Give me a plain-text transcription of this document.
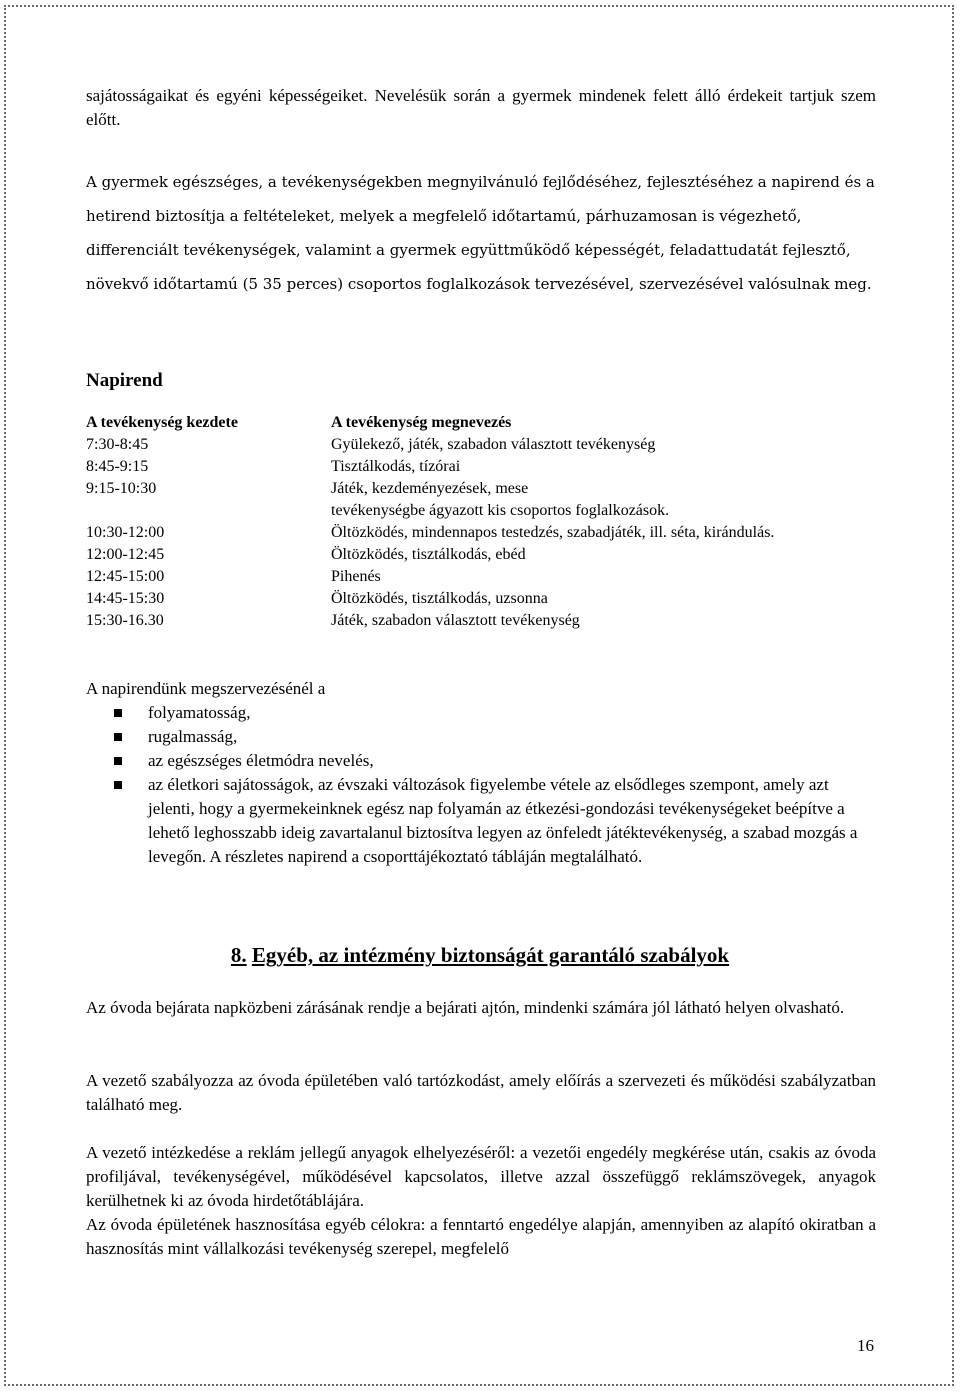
sajátosságaikat és egyéni képességeiket. Nevelésük során a gyermek mindenek felett álló érdekeit tartjuk szem előtt.

A gyermek egészséges, a tevékenységekben megnyilvánuló fejlődéséhez, fejlesztéséhez a napirend és a hetirend biztosítja a feltételeket, melyek a megfelelő időtartamú, párhuzamosan is végezhető, differenciált tevékenységek, valamint a gyermek együttműködő képességét, feladattudatát fejlesztő, növekvő időtartamú (5 35 perces) csoportos foglalkozások tervezésével, szervezésével valósulnak meg.

Napirend
A tevékenység kezdete	A tevékenység megnevezés
7:30-8:45	Gyülekező, játék, szabadon választott tevékenység
8:45-9:15	Tisztálkodás, tízórai
9:15-10:30	Játék, kezdeményezések, mese
tevékenységbe ágyazott kis csoportos foglalkozások.
10:30-12:00	Öltözködés, mindennapos testedzés, szabadjáték, ill. séta, kirándulás.
12:00-12:45	Öltözködés, tisztálkodás, ebéd
12:45-15:00	Pihenés
14:45-15:30	Öltözködés, tisztálkodás, uzsonna
15:30-16.30	Játék, szabadon választott tevékenység
A napirendünk megszervezésénél a
folyamatosság,
rugalmasság,
az egészséges életmódra nevelés,
az életkori sajátosságok, az évszaki változások figyelembe vétele az elsődleges szempont, amely azt jelenti, hogy a gyermekeinknek egész nap folyamán az étkezési-gondozási tevékenységeket beépítve a lehető leghosszabb ideig zavartalanul biztosítva legyen az önfeledt játéktevékenység, a szabad mozgás a levegőn. A részletes napirend a csoporttájékoztató tábláján megtalálható.
8. Egyéb, az intézmény biztonságát garantáló szabályok

Az óvoda bejárata napközbeni zárásának rendje a bejárati ajtón, mindenki számára jól látható helyen olvasható.

A vezető szabályozza az óvoda épületében való tartózkodást, amely előírás a szervezeti és működési szabályzatban található meg.

A vezető intézkedése a reklám jellegű anyagok elhelyezéséről: a vezetői engedély megkérése után, csakis az óvoda profiljával, tevékenységével, működésével kapcsolatos, illetve azzal összefüggő reklámszövegek, anyagok kerülhetnek ki az óvoda hirdetőtáblájára.

Az óvoda épületének hasznosítása egyéb célokra: a fenntartó engedélye alapján, amennyiben az alapító okiratban a hasznosítás mint vállalkozási tevékenység szerepel, megfelelő

16
